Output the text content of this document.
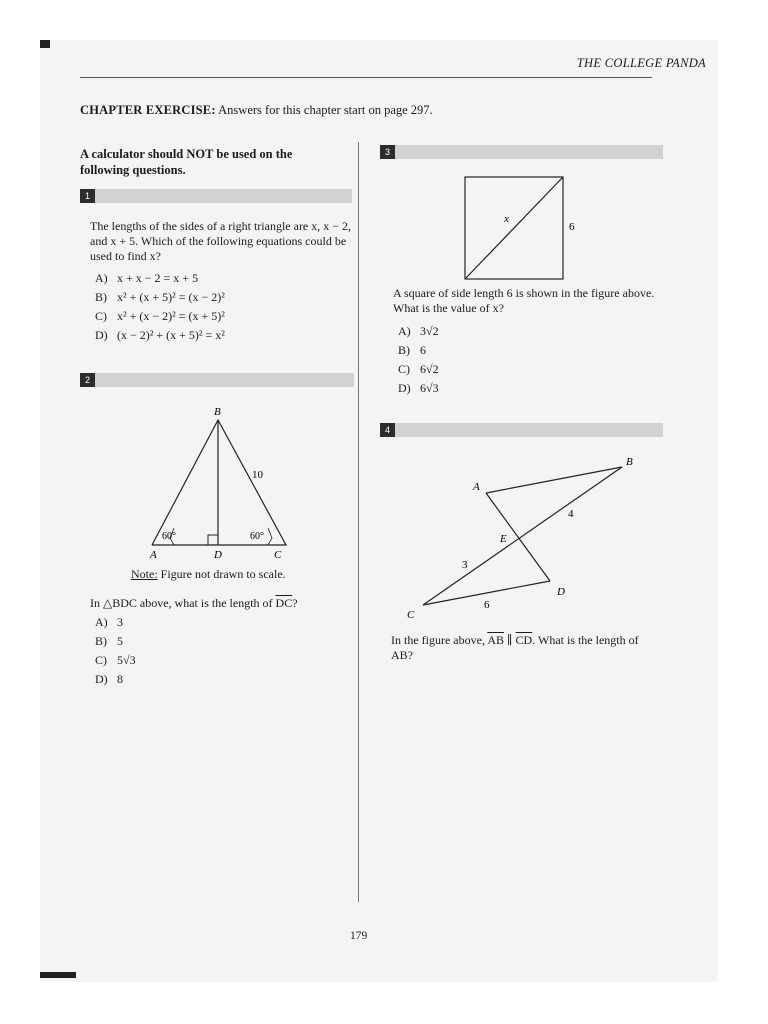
THE COLLEGE PANDA
CHAPTER EXERCISE: Answers for this chapter start on page 297.
A calculator should NOT be used on the following questions.
1
The lengths of the sides of a right triangle are x, x − 2, and x + 5. Which of the following equations could be used to find x?
A) x + x − 2 = x + 5
B) x² + (x + 5)² = (x − 2)²
C) x² + (x − 2)² = (x + 5)²
D) (x − 2)² + (x + 5)² = x²
2
B
10
60°	60°
A	D	C
Note: Figure not drawn to scale.
In △BDC above, what is the length of $\overline{DC}$?
A) 3
B) 5
C) 5√3
D) 8
3
x
6
A square of side length 6 is shown in the figure above. What is the value of x?
A) 3√2
B) 6
C) 6√2
D) 6√3
4
A
B
C
D
E
4
3
6
In the figure above, $\overline{AB}$ ∥ $\overline{CD}$. What is the length of AB?
179
